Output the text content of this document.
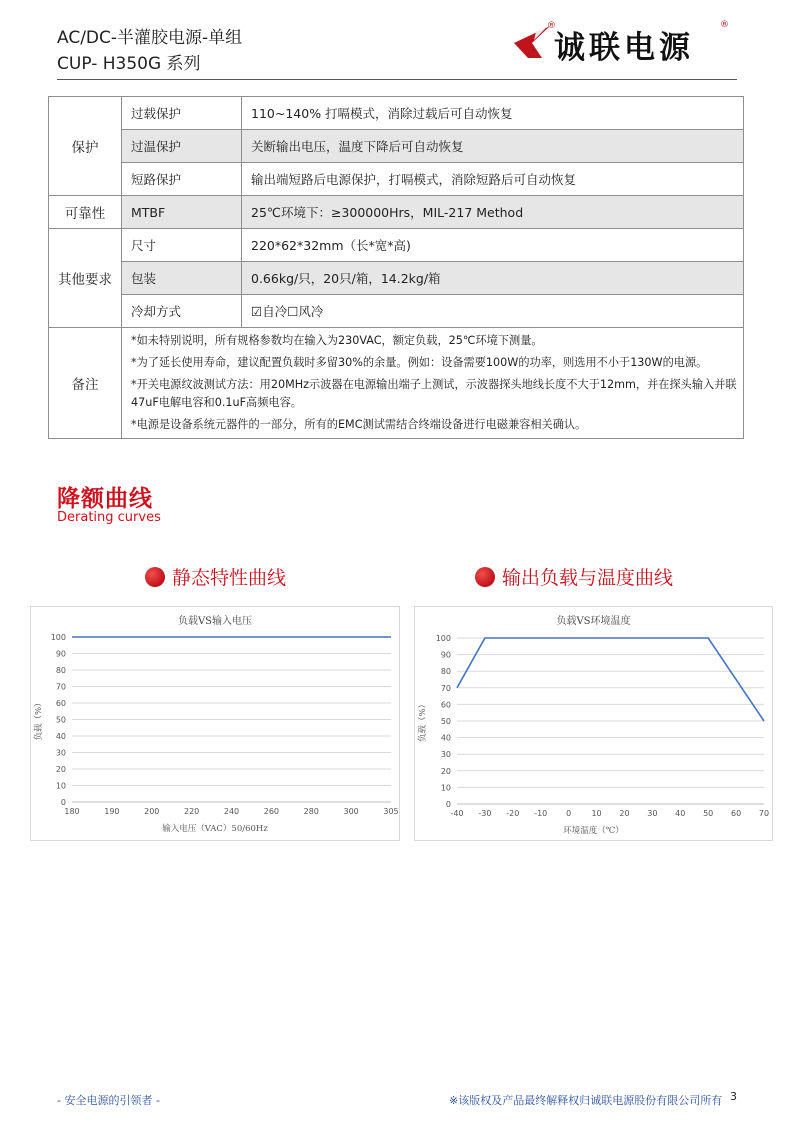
AC/DC-半灌胶电源-单组
CUP- H350G 系列
®
诚联电源
®
保护	过载保护	110~140% 打嗝模式，消除过载后可自动恢复
	过温保护	关断输出电压，温度下降后可自动恢复
	短路保护	输出端短路后电源保护，打嗝模式，消除短路后可自动恢复
可靠性	MTBF	25℃环境下：≥300000Hrs，MIL-217 Method
其他要求	尺寸	220*62*32mm（长*宽*高)
	包装	0.66kg/只，20只/箱，14.2kg/箱
	冷却方式	☑自冷☐风冷
备注	*如未特别说明，所有规格参数均在输入为230VAC，额定负载，25℃环境下测量。
*为了延长使用寿命，建议配置负载时多留30%的余量。例如：设备需要100W的功率，则选用不小于130W的电源。
*开关电源纹波测试方法：用20MHz示波器在电源输出端子上测试，示波器探头地线长度不大于12mm，并在探头输入并联47uF电解电容和0.1uF高频电容。
*电源是设备系统元器件的一部分，所有的EMC测试需结合终端设备进行电磁兼容相关确认。	
降额曲线
Derating curves
静态特性曲线	输出负载与温度曲线
负载VS输入电压
0
10
20
30
40
50
60
70
80
90
100
180	190	200	220	240	260	280	300	305
输入电压（VAC）50/60Hz
负载（%）
负载VS环境温度
0
10
20
30
40
50
60
70
80
90
100
-40 -30 -20 -10 0	10 20 30 40 50 60 70
环境温度（℃）
负载（%）
- 安全电源的引领者 -	※该版权及产品最终解释权归诚联电源股份有限公司所有 3
